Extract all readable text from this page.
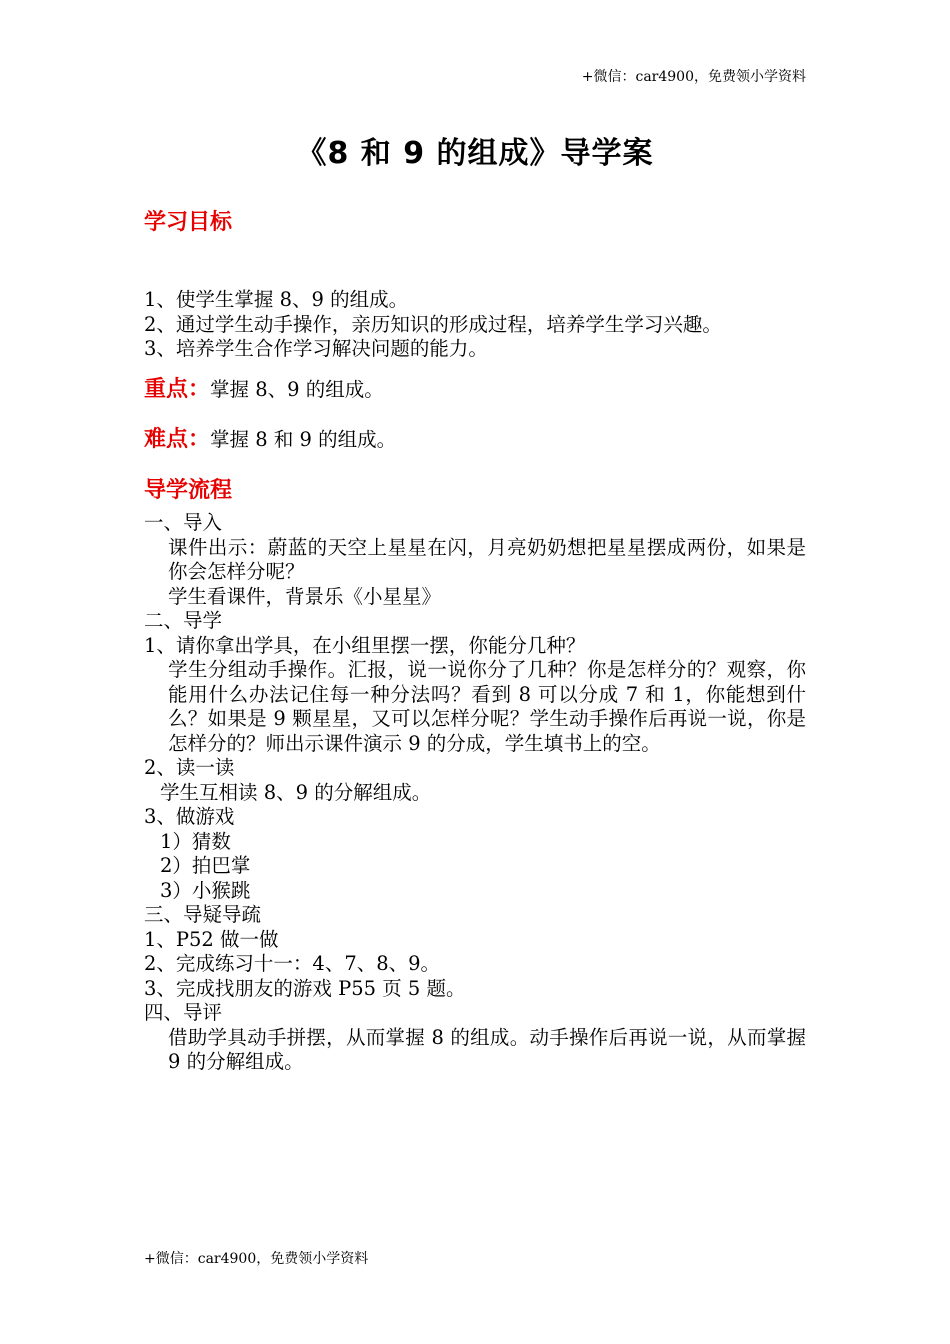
+微信：car4900，免费领小学资料
《8 和 9 的组成》导学案
学习目标

1、使学生掌握 8、9 的组成。

2、通过学生动手操作，亲历知识的形成过程，培养学生学习兴趣。

3、培养学生合作学习解决问题的能力。

重点：掌握 8、9 的组成。
难点：掌握 8 和 9 的组成。
导学流程

一、导入

课件出示：蔚蓝的天空上星星在闪，月亮奶奶想把星星摆成两份，如果是你会怎样分呢？

学生看课件，背景乐《小星星》

二、导学

1、请你拿出学具，在小组里摆一摆，你能分几种？

学生分组动手操作。汇报，说一说你分了几种？你是怎样分的？观察，你能用什么办法记住每一种分法吗？看到 8 可以分成 7 和 1，你能想到什么？如果是 9 颗星星，又可以怎样分呢？学生动手操作后再说一说，你是怎样分的？师出示课件演示 9 的分成，学生填书上的空。

2、读一读

学生互相读 8、9 的分解组成。

3、做游戏

1）猜数

2）拍巴掌

3）小猴跳

三、导疑导疏

1、P52 做一做

2、完成练习十一：4、7、8、9。

3、完成找朋友的游戏 P55 页 5 题。

四、导评

借助学具动手拼摆，从而掌握 8 的组成。动手操作后再说一说，从而掌握 9 的分解组成。

+微信：car4900，免费领小学资料
